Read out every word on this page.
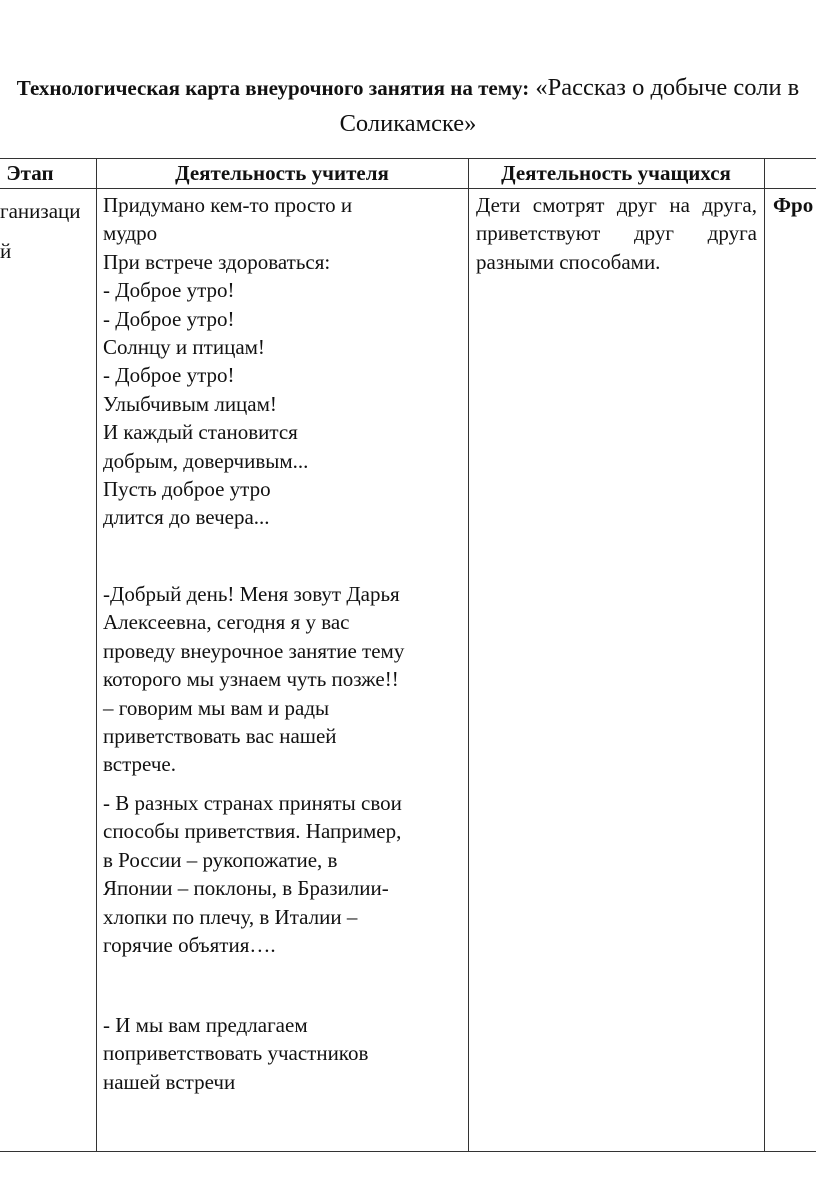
Технологическая карта внеурочного занятия на тему: «Рассказ о добыче соли в Соликамске»
Этап	Деятельность учителя	Деятельность учащихся
ганизаци
й

Придумано кем-то просто и
мудро
При встрече здороваться:
- Доброе утро!
- Доброе утро!
Солнцу и птицам!
- Доброе утро!
Улыбчивым лицам!
И каждый становится
добрым, доверчивым...
Пусть доброе утро
длится до вечера...

-Добрый день! Меня зовут Дарья
Алексеевна, сегодня я у вас
проведу внеурочное занятие тему
которого мы узнаем чуть позже!!
– говорим мы вам и рады
приветствовать вас нашей
встрече.

- В разных странах приняты свои
способы приветствия. Например,
в России – рукопожатие, в
Японии – поклоны, в Бразилии-
хлопки по плечу, в Италии –
горячие объятия….

- И мы вам предлагаем
поприветствовать участников
нашей встречи

Дети смотрят друг на друга, приветствуют друг друга разными способами.
Фро
